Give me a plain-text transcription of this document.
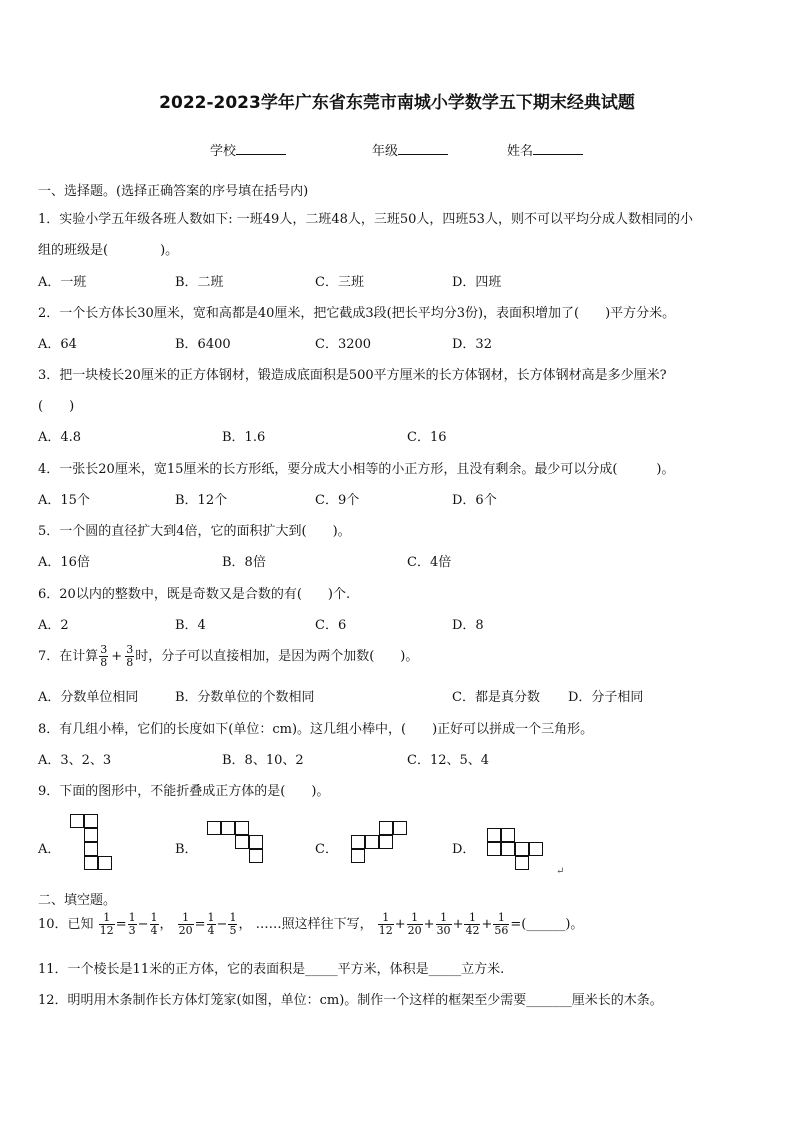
2022-2023学年广东省东莞市南城小学数学五下期末经典试题
学校	年级	姓名
一、选择题。(选择正确答案的序号填在括号内)
1．实验小学五年级各班人数如下: 一班49人，二班48人，三班50人，四班53人，则不可以平均分成人数相同的小
组的班级是(　　　　)。
A．一班	B．二班	C．三班	D．四班
2．一个长方体长30厘米，宽和高都是40厘米，把它截成3段(把长平均分3份)，表面积增加了(　　)平方分米。
A．64	B．6400	C．3200	D．32
3．把一块棱长20厘米的正方体钢材，锻造成底面积是500平方厘米的长方体钢材，长方体钢材高是多少厘米?
(　　)
A．4.8	B．1.6	C．16
4．一张长20厘米，宽15厘米的长方形纸，要分成大小相等的小正方形，且没有剩余。最少可以分成(　　　)。
A．15个	B．12个	C．9个	D．6个
5．一个圆的直径扩大到4倍，它的面积扩大到(　　)。
A．16倍	B．8倍	C．4倍
6．20以内的整数中，既是奇数又是合数的有(　　)个.
A．2	B．4	C．6	D．8
7．在计算 $\frac{3}{8} + \frac{3}{8}$ 时，分子可以直接相加，是因为两个加数(　　)。
A．分数单位相同	B．分数单位的个数相同	C．都是真分数 D．分子相同
8．有几组小棒，它们的长度如下(单位：cm)。这几组小棒中，(　　)正好可以拼成一个三角形。
A．3、2、3	B．8、10、2	C．12、5、4
9．下面的图形中，不能折叠成正方体的是(　　)。
A．	B．	C．	D．
↵
二、填空题。
10．已知 $\frac{1}{12} = \frac{1}{3} - \frac{1}{4}$ ， $\frac{1}{20} = \frac{1}{4} - \frac{1}{5}$ ， ……照这样往下写， $\frac{1}{12} + \frac{1}{20} + \frac{1}{30} + \frac{1}{42} + \frac{1}{56}$ =(______)。
11．一个棱长是11米的正方体，它的表面积是_____平方米，体积是_____立方米.
12．明明用木条制作长方体灯笼家(如图，单位：cm)。制作一个这样的框架至少需要_______厘米长的木条。
